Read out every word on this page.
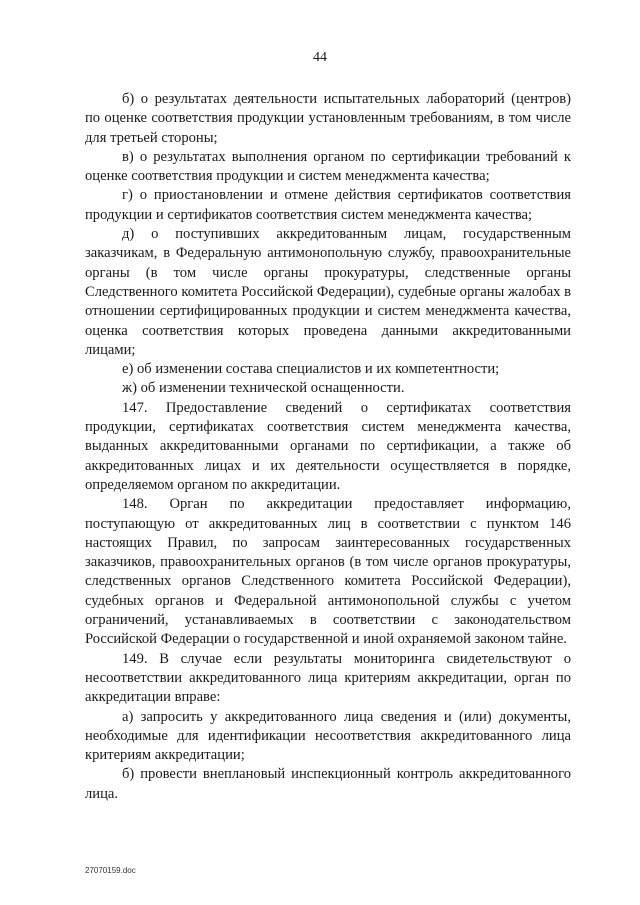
44

б) о результатах деятельности испытательных лабораторий (центров) по оценке соответствия продукции установленным требованиям, в том числе для третьей стороны;

в) о результатах выполнения органом по сертификации требований к оценке соответствия продукции и систем менеджмента качества;

г) о приостановлении и отмене действия сертификатов соответствия продукции и сертификатов соответствия систем менеджмента качества;

д) о поступивших аккредитованным лицам, государственным заказчикам, в Федеральную антимонопольную службу, правоохранительные органы (в том числе органы прокуратуры, следственные органы Следственного комитета Российской Федерации), судебные органы жалобах в отношении сертифицированных продукции и систем менеджмента качества, оценка соответствия которых проведена данными аккредитованными лицами;

е) об изменении состава специалистов и их компетентности;

ж) об изменении технической оснащенности.

147. Предоставление сведений о сертификатах соответствия продукции, сертификатах соответствия систем менеджмента качества, выданных аккредитованными органами по сертификации, а также об аккредитованных лицах и их деятельности осуществляется в порядке, определяемом органом по аккредитации.

148. Орган по аккредитации предоставляет информацию, поступающую от аккредитованных лиц в соответствии с пунктом 146 настоящих Правил, по запросам заинтересованных государственных заказчиков, правоохранительных органов (в том числе органов прокуратуры, следственных органов Следственного комитета Российской Федерации), судебных органов и Федеральной антимонопольной службы с учетом ограничений, устанавливаемых в соответствии с законодательством Российской Федерации о государственной и иной охраняемой законом тайне.

149. В случае если результаты мониторинга свидетельствуют о несоответствии аккредитованного лица критериям аккредитации, орган по аккредитации вправе:

а) запросить у аккредитованного лица сведения и (или) документы, необходимые для идентификации несоответствия аккредитованного лица критериям аккредитации;

б) провести внеплановый инспекционный контроль аккредитованного лица.

27070159.doc
